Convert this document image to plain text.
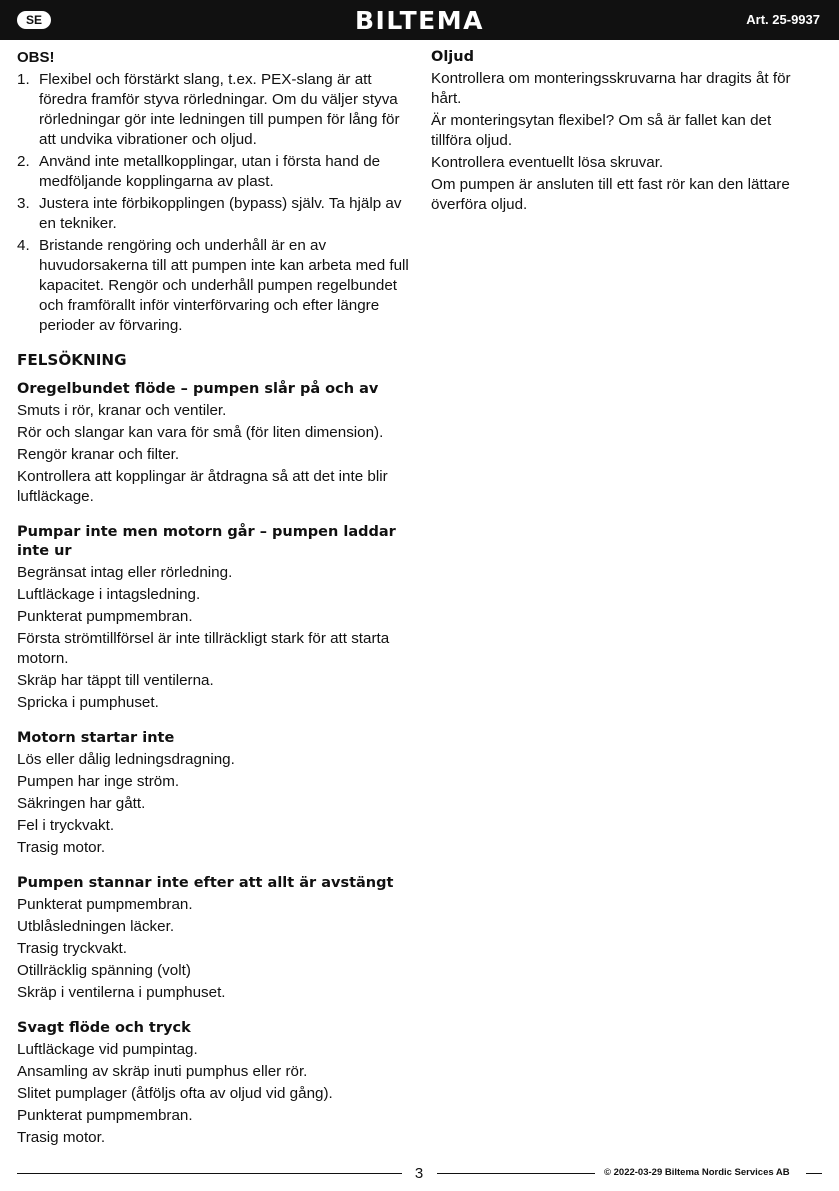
SE	BILTEMA	Art. 25-9937
OBS!
1. Flexibel och förstärkt slang, t.ex. PEX-slang är att föredra framför styva rörledningar. Om du väljer styva rörledningar gör inte ledningen till pumpen för lång för att undvika vibrationer och oljud.
2. Använd inte metallkopplingar, utan i första hand de medföljande kopplingarna av plast.
3. Justera inte förbikopplingen (bypass) själv. Ta hjälp av en tekniker.
4. Bristande rengöring och underhåll är en av huvudorsakerna till att pumpen inte kan arbeta med full kapacitet. Rengör och underhåll pumpen regelbundet och framförallt inför vinterförvaring och efter längre perioder av förvaring.
FELSÖKNING
Oregelbundet flöde – pumpen slår på och av
Smuts i rör, kranar och ventiler.
Rör och slangar kan vara för små (för liten dimension).
Rengör kranar och filter.
Kontrollera att kopplingar är åtdragna så att det inte blir luftläckage.
Pumpar inte men motorn går – pumpen laddar inte ur
Begränsat intag eller rörledning.
Luftläckage i intagsledning.
Punkterat pumpmembran.
Första strömtillförsel är inte tillräckligt stark för att starta motorn.
Skräp har täppt till ventilerna.
Spricka i pumphuset.
Motorn startar inte
Lös eller dålig ledningsdragning.
Pumpen har inge ström.
Säkringen har gått.
Fel i tryckvakt.
Trasig motor.
Pumpen stannar inte efter att allt är avstängt
Punkterat pumpmembran.
Utblåsledningen läcker.
Trasig tryckvakt.
Otillräcklig spänning (volt)
Skräp i ventilerna i pumphuset.
Svagt flöde och tryck
Luftläckage vid pumpintag.
Ansamling av skräp inuti pumphus eller rör.
Slitet pumplager (åtföljs ofta av oljud vid gång).
Punkterat pumpmembran.
Trasig motor.
Oljud
Kontrollera om monteringsskruvarna har dragits åt för hårt.
Är monteringsytan flexibel? Om så är fallet kan det tillföra oljud.
Kontrollera eventuellt lösa skruvar.
Om pumpen är ansluten till ett fast rör kan den lättare överföra oljud.
3	© 2022-03-29 Biltema Nordic Services AB
